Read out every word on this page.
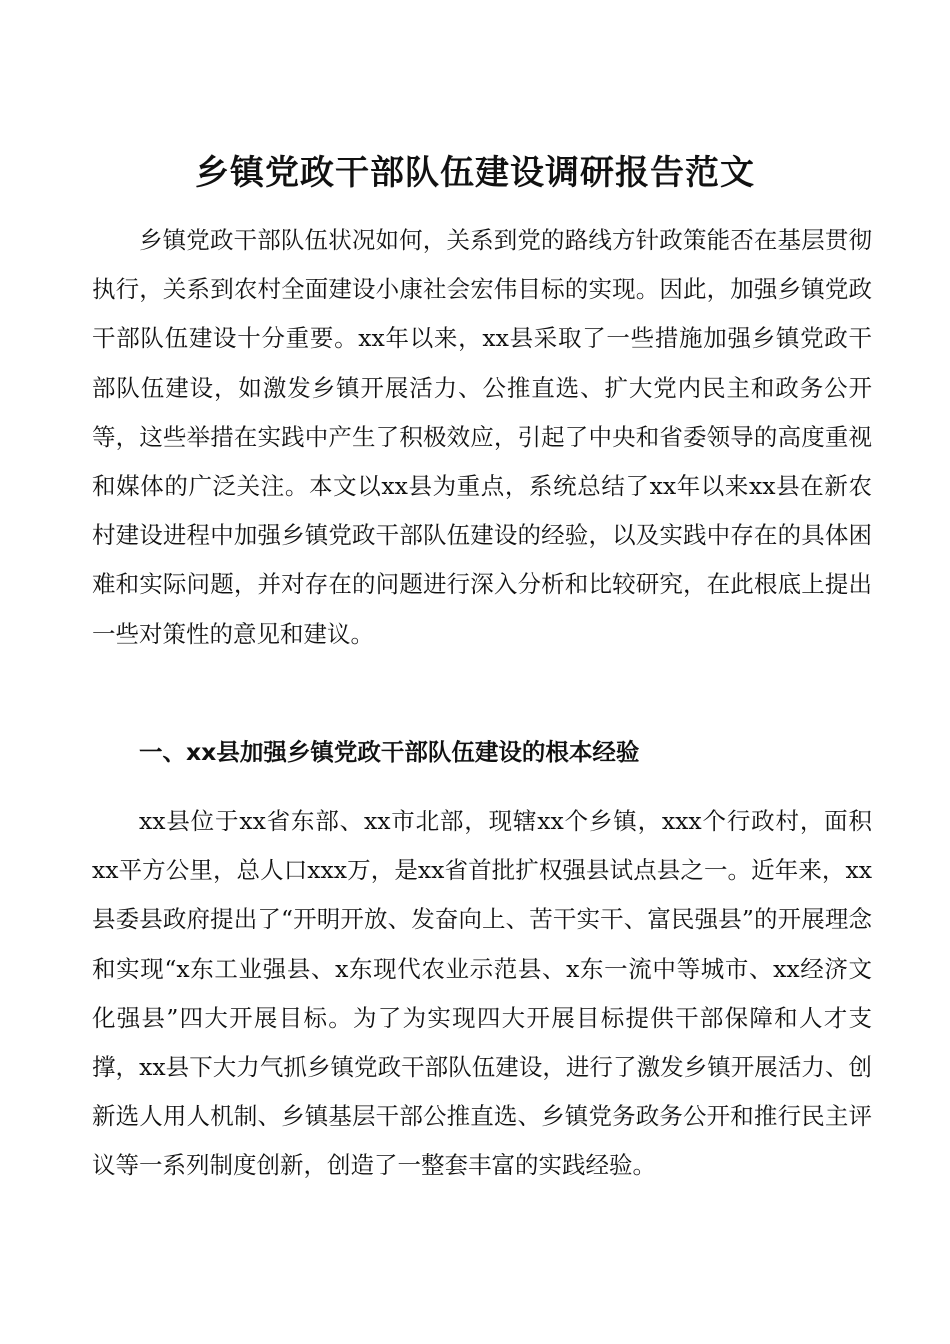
乡镇党政干部队伍建设调研报告范文

乡镇党政干部队伍状况如何，关系到党的路线方针政策能否在基层贯彻执行，关系到农村全面建设小康社会宏伟目标的实现。因此，加强乡镇党政干部队伍建设十分重要。xx年以来，xx县采取了一些措施加强乡镇党政干部队伍建设，如激发乡镇开展活力、公推直选、扩大党内民主和政务公开等，这些举措在实践中产生了积极效应，引起了中央和省委领导的高度重视和媒体的广泛关注。本文以xx县为重点，系统总结了xx年以来xx县在新农村建设进程中加强乡镇党政干部队伍建设的经验，以及实践中存在的具体困难和实际问题，并对存在的问题进行深入分析和比较研究，在此根底上提出一些对策性的意见和建议。

一、xx县加强乡镇党政干部队伍建设的根本经验

xx县位于xx省东部、xx市北部，现辖xx个乡镇，xxx个行政村，面积xx平方公里，总人口xxx万，是xx省首批扩权强县试点县之一。近年来，xx县委县政府提出了“开明开放、发奋向上、苦干实干、富民强县”的开展理念和实现“x东工业强县、x东现代农业示范县、x东一流中等城市、xx经济文化强县”四大开展目标。为了为实现四大开展目标提供干部保障和人才支撑，xx县下大力气抓乡镇党政干部队伍建设，进行了激发乡镇开展活力、创新选人用人机制、乡镇基层干部公推直选、乡镇党务政务公开和推行民主评议等一系列制度创新，创造了一整套丰富的实践经验。
